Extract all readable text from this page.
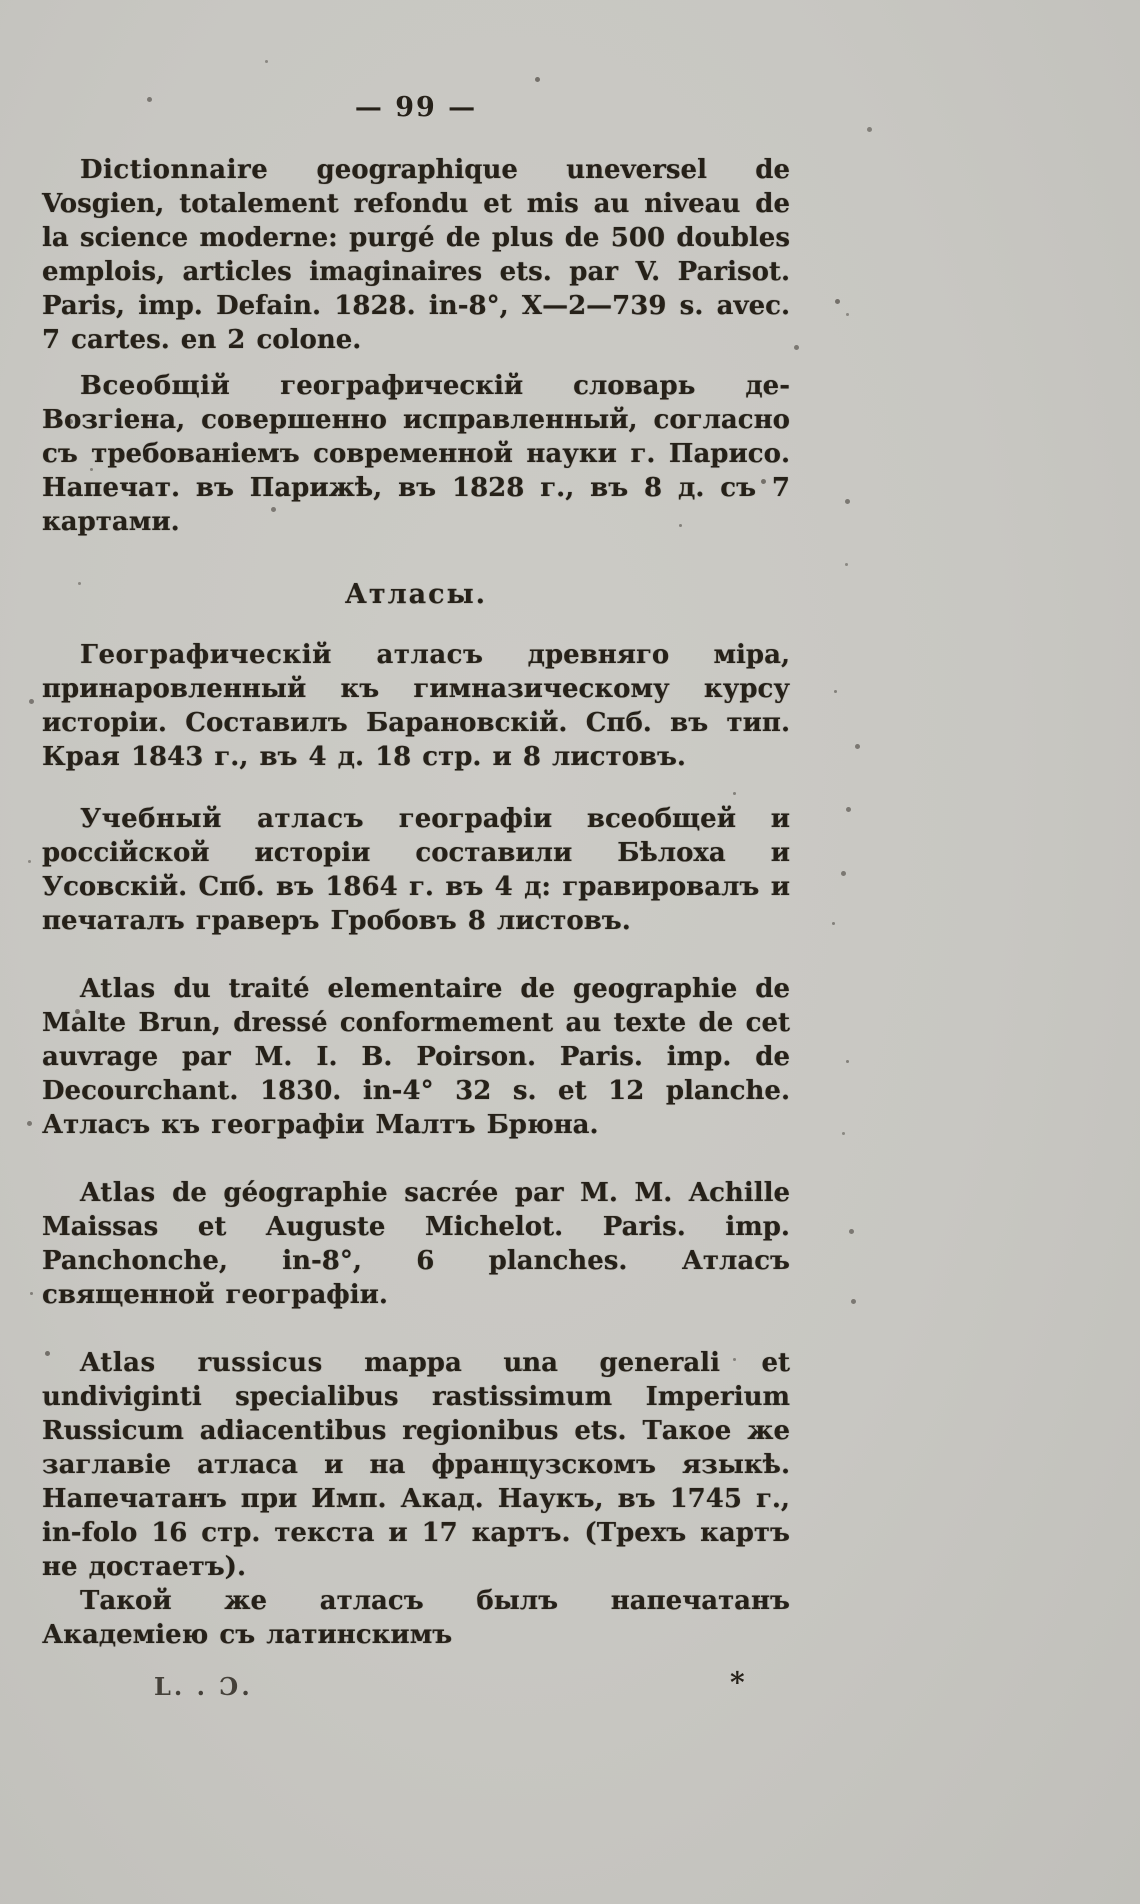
— 99 —

Dictionnaire geographique uneversel de Vosgien, totalement refondu et mis au niveau de la science moderne: purgé de plus de 500 doubles emplois, articles imaginaires ets. par V. Parisot. Paris, imp. Defain. 1828. in-8°, X—2—739 s. avec. 7 cartes. en 2 colone.

Всеобщій географическій словарь де-Возгіена, совершенно исправленный, согласно съ требованіемъ современной науки г. Парисо. Напечат. въ Парижѣ, въ 1828 г., въ 8 д. съ 7 картами.

Атласы.

Географическій атласъ древняго міра, принаровленный къ гимназическому курсу исторіи. Составилъ Барановскій. Спб. въ тип. Края 1843 г., въ 4 д. 18 стр. и 8 листовъ.

Учебный атласъ географіи всеобщей и россійской исторіи составили Бѣлоха и Усовскій. Спб. въ 1864 г. въ 4 д: гравировалъ и печаталъ граверъ Гробовъ 8 листовъ.

Atlas du traité elementaire de geographie de Malte Brun, dressé conformement au texte de cet auvrage par M. I. B. Poirson. Paris. imp. de Decourchant. 1830. in-4° 32 s. et 12 planche. Атласъ къ географіи Малтъ Брюна.

Atlas de géographie sacrée par M. M. Achille Maissas et Auguste Michelot. Paris. imp. Panchonche, in-8°, 6 planches. Атласъ священной географіи.

Atlas russicus mappa una generali et undiviginti specialibus rastissimum Imperium Russicum adiacentibus regionibus ets. Такое же заглавіе атласа и на французскомъ языкѣ. Напечатанъ при Имп. Акад. Наукъ, въ 1745 г., in-folo 16 стр. текста и 17 картъ. (Трехъ картъ не достаетъ).

Такой же атласъ былъ напечатанъ Академіею съ латинскимъ

L. . Ɔ.	*
